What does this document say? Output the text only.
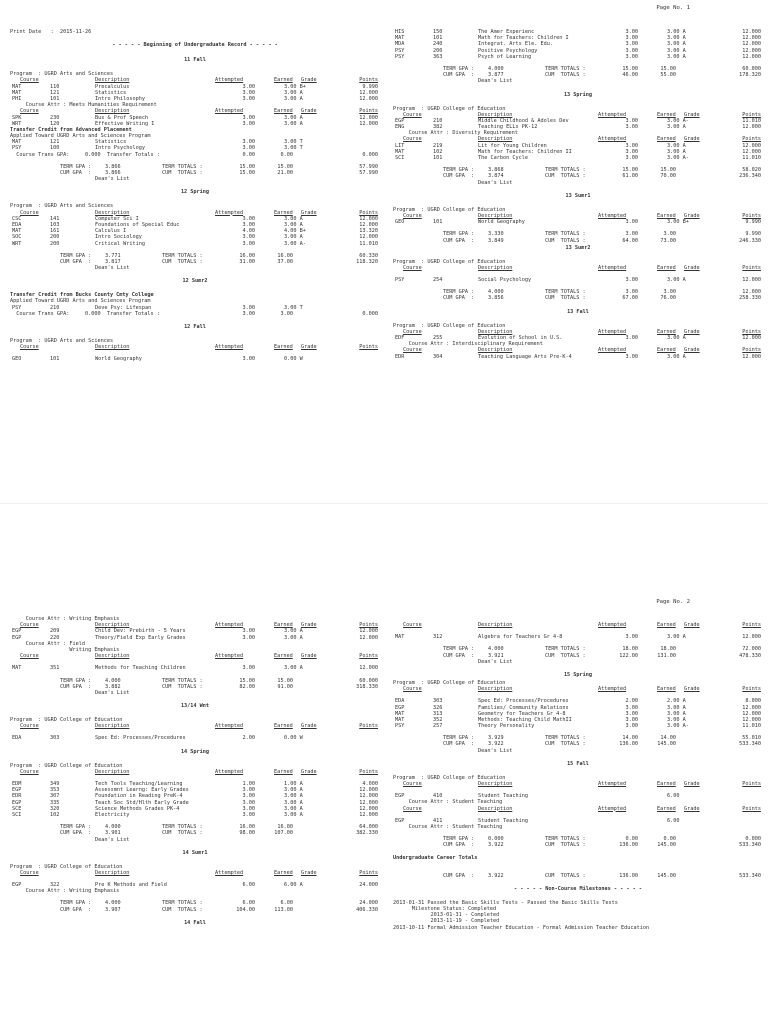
Page No. 1
Print Date   :  2015-11-26
- - - - - Beginning of Undergraduate Record - - - - -
11 Fall
Program  : UGRD Arts and Sciences
Course	Description	Attempted	Earned Grade	Points
MAT	110	Precalculus	3.00	3.00 B+	9.990
MAT	121	Statistics	3.00	3.00 A	12.000
PHI	101	Intro Philosophy	3.00	3.00 A	12.000
Course Attr : Meets Humanities Requirement
Course	Description	Attempted	Earned Grade	Points
SPK	230	Bus & Prof Speech	3.00	3.00 A	12.000
WRT	120	Effective Writing I	3.00	3.00 A	12.000
Transfer Credit from Advanced Placement
Applied Toward UGRD Arts and Sciences Program
MAT	121	Statistics	3.00	3.00 T
PSY	100	Intro Psychology	3.00	3.00 T
Course Trans GPA:     0.000  Transfer Totals :	0.00	0.00	0.000
TERM GPA :	3.866	TERM TOTALS :	15.00	15.00	57.990
CUM GPA  :	3.866	CUM  TOTALS :	15.00	21.00	57.990
Dean's List
12 Spring
Program  : UGRD Arts and Sciences
Course	Description	Attempted	Earned Grade	Points
CSC	141	Computer Sci I	3.00	3.00 A	12.000
EDA	103	Foundations of Special Educ	3.00	3.00 A	12.000
MAT	161	Calculus I	4.00	4.00 B+	13.320
SOC	200	Intro Sociology	3.00	3.00 A	12.000
WRT	200	Critical Writing	3.00	3.00 A-	11.010
TERM GPA :	3.771	TERM TOTALS :	16.00	16.00	60.330
CUM GPA  :	3.817	CUM  TOTALS :	31.00	37.00	118.320
Dean's List
12 Sumr2
Transfer Credit from Bucks County Cmty College
Applied Toward UGRD Arts and Sciences Program
PSY	210	Deve Psy: Lifespan	3.00	3.00 T
Course Trans GPA:     0.000  Transfer Totals :	3.00	3.00	0.000
12 Fall
Program  : UGRD Arts and Sciences
Course	Description	Attempted	Earned Grade	Points
GEO	101	World Geography	3.00	0.00 W
HIS	150	The Amer Experienc	3.00	3.00 A	12.000
MAT	101	Math for Teachers: Children I	3.00	3.00 A	12.000
MDA	240	Integrat. Arts Ele. Edu.	3.00	3.00 A	12.000
PSY	200	Positive Psychology	3.00	3.00 A	12.000
PSY	363	Psych of Learning	3.00	3.00 A	12.000
TERM GPA :	4.000	TERM TOTALS :	15.00	15.00	60.000
CUM GPA  :	3.877	CUM  TOTALS :	46.00	55.00	178.320
Dean's List
13 Spring
Program  : UGRD College of Education
Course	Description	Attempted	Earned Grade	Points
EGP	210	Middle Childhood & Adoles Dev	3.00	3.00 A-	11.010
ENG	382	Teaching ELLs PK-12	3.00	3.00 A	12.000
Course Attr : Diversity Requirement
Course	Description	Attempted	Earned Grade	Points
LIT	219	Lit for Young Children	3.00	3.00 A	12.000
MAT	102	Math for Teachers: Children II	3.00	3.00 A	12.000
SCI	101	The Carbon Cycle	3.00	3.00 A-	11.010
TERM GPA :	3.868	TERM TOTALS :	15.00	15.00	58.020
CUM GPA  :	3.874	CUM  TOTALS :	61.00	70.00	236.340
Dean's List
13 Sumr1
Program  : UGRD College of Education
Course	Description	Attempted	Earned Grade	Points
GEO	101	World Geography	3.00	3.00 B+	9.990
TERM GPA :	3.330	TERM TOTALS :	3.00	3.00	9.990
CUM GPA  :	3.849	CUM  TOTALS :	64.00	73.00	246.330
13 Sumr2
Program  : UGRD College of Education
Course	Description	Attempted	Earned Grade	Points
PSY	254	Social Psychology	3.00	3.00 A	12.000
TERM GPA :	4.000	TERM TOTALS :	3.00	3.00	12.000
CUM GPA  :	3.856	CUM  TOTALS :	67.00	76.00	258.330
13 Fall
Program  : UGRD College of Education
Course	Description	Attempted	Earned Grade	Points
EDF	255	Evolution of School in U.S.	3.00	3.00 A	12.000
Course Attr : Interdisciplinary Requirement
Course	Description	Attempted	Earned Grade	Points
EDR	304	Teaching Language Arts Pre-K-4	3.00	3.00 A	12.000
Page No. 2
Course Attr : Writing Emphasis
Course	Description	Attempted	Earned Grade	Points
EGP	209	Child Dev: Prebirth - 5 Years	3.00	3.00 A	12.000
EGP	220	Theory/Field Exp Early Grades	3.00	3.00 A	12.000
Course Attr : Field
Writing Emphasis
Course	Description	Attempted	Earned Grade	Points
MAT	351	Methods for Teaching Children	3.00	3.00 A	12.000
TERM GPA :	4.000	TERM TOTALS :	15.00	15.00	60.000
CUM GPA  :	3.882	CUM  TOTALS :	82.00	91.00	318.330
Dean's List
13/14 Wnt
Program  : UGRD College of Education
Course	Description	Attempted	Earned Grade	Points
EDA	303	Spec Ed: Processes/Procedures	2.00	0.00 W
14 Spring
Program  : UGRD College of Education
Course	Description	Attempted	Earned Grade	Points
EDM	349	Tech Tools Teaching/Learning	1.00	1.00 A	4.000
EGP	353	Assessmnt Learng: Early Grades	3.00	3.00 A	12.000
EDR	307	Foundation in Reading PreK-4	3.00	3.00 A	12.000
EGP	335	Teach Soc Std/Hlth Early Grade	3.00	3.00 A	12.000
SCE	320	Science Methods Grades PK-4	3.00	3.00 A	12.000
SCI	102	Electricity	3.00	3.00 A	12.000
TERM GPA :	4.000	TERM TOTALS :	16.00	16.00	64.000
CUM GPA  :	3.901	CUM  TOTALS :	98.00	107.00	382.330
Dean's List
14 Sumr1
Program  : UGRD College of Education
Course	Description	Attempted	Earned Grade	Points
EGP	322	Pre K Methods and Field	6.00	6.00 A	24.000
Course Attr : Writing Emphasis
TERM GPA :	4.000	TERM TOTALS :	6.00	6.00	24.000
CUM GPA  :	3.907	CUM  TOTALS :	104.00	113.00	406.330
14 Fall
Course	Description	Attempted	Earned Grade	Points
MAT	312	Algebra for Teachers Gr 4-8	3.00	3.00 A	12.000
TERM GPA :	4.000	TERM TOTALS :	18.00	18.00	72.000
CUM GPA  :	3.921	CUM  TOTALS :	122.00	131.00	478.330
Dean's List
15 Spring
Program  : UGRD College of Education
Course	Description	Attempted	Earned Grade	Points
EDA	303	Spec Ed: Processes/Procedures	2.00	2.00 A	8.000
EGP	326	Families/ Community Relations	3.00	3.00 A	12.000
MAT	313	Geometry for Teachers Gr 4-8	3.00	3.00 A	12.000
MAT	352	Methods: Teaching Child MathII	3.00	3.00 A	12.000
PSY	257	Theory Personality	3.00	3.00 A-	11.010
TERM GPA :	3.929	TERM TOTALS :	14.00	14.00	55.010
CUM GPA  :	3.922	CUM  TOTALS :	136.00	145.00	533.340
Dean's List
15 Fall
Program  : UGRD College of Education
Course	Description	Attempted	Earned Grade	Points
EGP	410	Student Teaching	6.00
Course Attr : Student Teaching
Course	Description	Attempted	Earned Grade	Points
EGP	411	Student Teaching	6.00
Course Attr : Student Teaching
TERM GPA :	0.000	TERM TOTALS :	0.00	0.00	0.000
CUM GPA  :	3.922	CUM  TOTALS :	136.00	145.00	533.340
Undergraduate Career Totals
CUM GPA  :	3.922	CUM  TOTALS :	136.00	145.00	533.340
- - - - - Non-Course Milestones - - - - -
2013-01-31 Passed the Basic Skills Tests - Passed the Basic Skills Tests
Milestone Status: Completed
2013-01-31 - Completed
2013-11-19 - Completed
2013-10-11 Formal Admission Teacher Education - Formal Admission Teacher Education
